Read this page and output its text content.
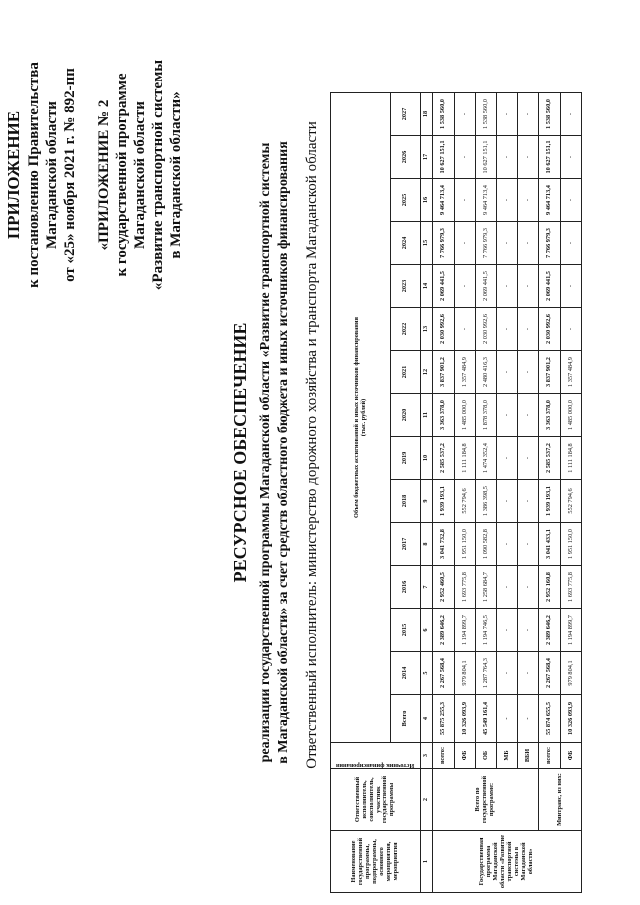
ПРИЛОЖЕНИЕ к постановлению Правительства Магаданской области от «25» ноября 2021 г. № 892-пп «ПРИЛОЖЕНИЕ № 2 к государственной программе Магаданской области «Развитие транспортной системы в Магаданской области»
РЕСУРСНОЕ ОБЕСПЕЧЕНИЕ реализации государственной программы Магаданской области «Развитие транспортной системы в Магаданской области» за счет средств областного бюджета и иных источников финансирования Ответственный исполнитель: министерство дорожного хозяйства и транспорта Магаданской области
Наименование государственной программы, подпрограммы, основного мероприятия, мероприятия	Ответственный исполнитель, соисполнитель, участник государственной программы	Источник финансирования	Объем бюджетных ассигнований и иных источников финансирования
(тыс. рублей)														
			Всего	2014	2015	2016	2017	2018	2019	2020	2021	2022	2023	2024	2025	2026	2027
1	2	3	4	5	6	7	8	9	10	11	12	13	14	15	16	17	18
Государственная программа Магаданской области «Развитие транспортной системы в Магаданской области»	Всего по государственной программе:	всего:	55 875 255,3	2 267 568,4	2 389 646,2	2 952 460,5	3 041 732,8	1 939 193,1	2 585 537,2	3 363 378,0	3 837 901,2	2 030 992,6	2 069 441,5	7 766 979,3	9 464 713,4	10 627 151,1	1 538 560,0
		ФБ	10 326 093,9	979 804,1	1 194 899,7	1 693 775,8	1 951 150,0	552 794,6	1 111 184,8	1 485 000,0	1 357 484,9	-	-	-	-	-	-
		ОБ	45 549 161,4	1 287 764,3	1 194 746,5	1 258 684,7	1 090 582,8	1 386 398,5	1 474 352,4	1 878 378,0	2 480 416,3	2 030 992,6	2 069 441,5	7 766 979,3	9 464 713,4	10 627 151,1	1 538 560,0
		МБ	-	-	-	-	-	-	-	-	-	-	-	-	-	-	-
		ВБИ	-	-	-	-	-	-	-	-	-	-	-	-	-	-	-
	Минтранс, из них:	всего:	55 874 655,5	2 267 568,4	2 389 646,2	2 952 160,8	3 041 433,1	1 939 193,1	2 585 537,2	3 363 378,0	3 837 901,2	2 030 992,6	2 069 441,5	7 766 979,3	9 464 713,4	10 627 151,1	1 538 560,0
		ФБ	10 326 093,9	979 804,1	1 194 899,7	1 693 775,8	1 951 150,0	552 794,6	1 111 184,8	1 485 000,0	1 357 484,9	-	-	-	-	-	-
